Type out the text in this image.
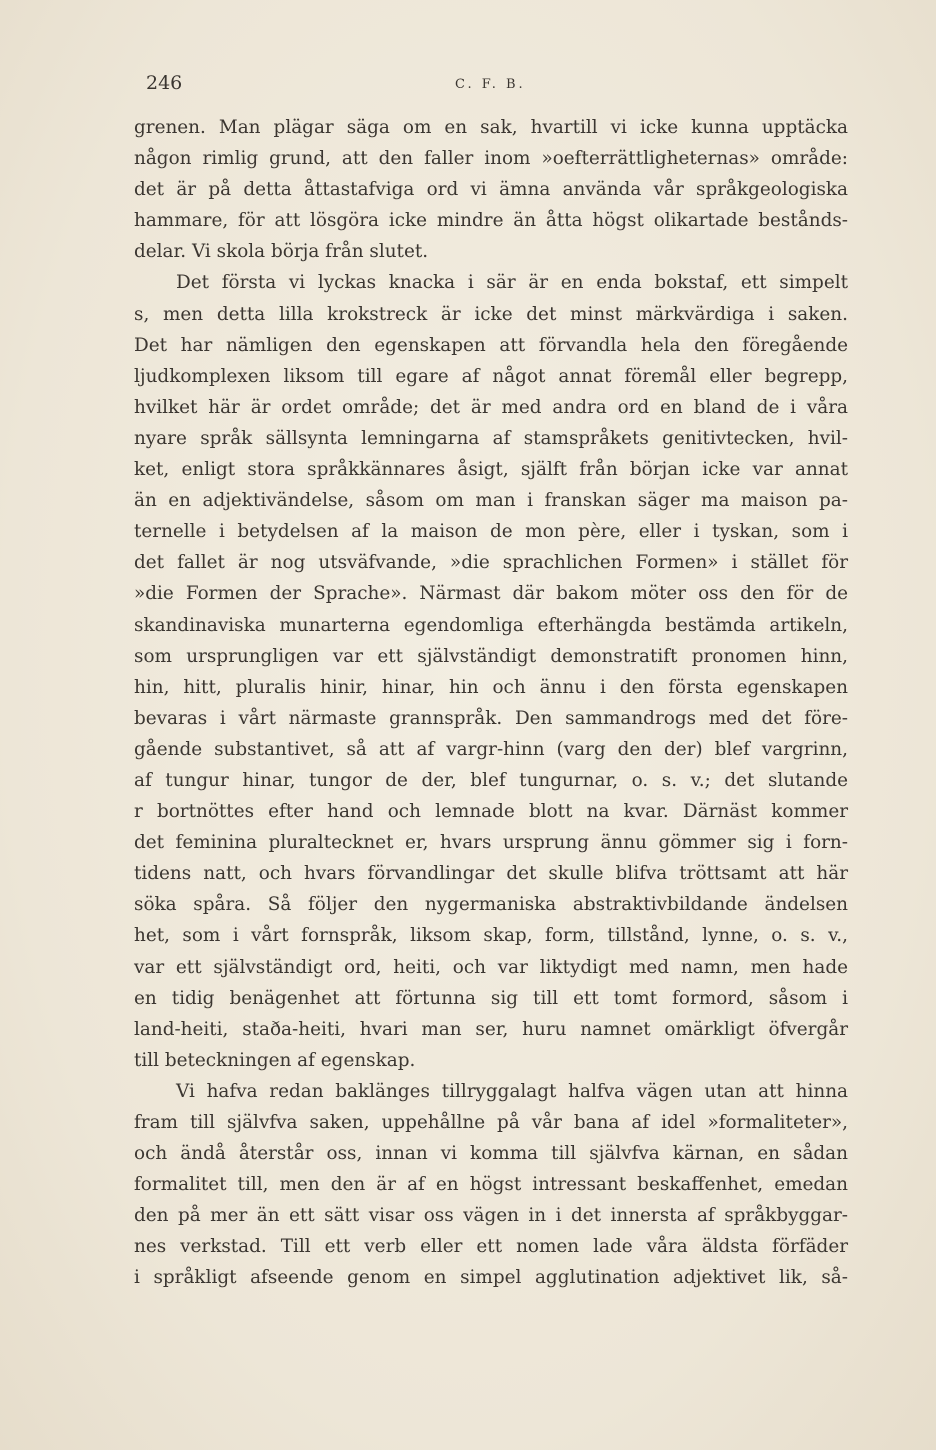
246	C. F. B.
grenen. Man plägar säga om en sak, hvartill vi icke kunna upptäcka
någon rimlig grund, att den faller inom »oefterrättligheternas» område:
det är på detta åttastafviga ord vi ämna använda vår språkgeologiska
hammare, för att lösgöra icke mindre än åtta högst olikartade bestånds-
delar. Vi skola börja från slutet.
Det första vi lyckas knacka i sär är en enda bokstaf, ett simpelt
s, men detta lilla krokstreck är icke det minst märkvärdiga i saken.
Det har nämligen den egenskapen att förvandla hela den föregående
ljudkomplexen liksom till egare af något annat föremål eller begrepp,
hvilket här är ordet område; det är med andra ord en bland de i våra
nyare språk sällsynta lemningarna af stamspråkets genitivtecken, hvil-
ket, enligt stora språkkännares åsigt, själft från början icke var annat
än en adjektivändelse, såsom om man i franskan säger ma maison pa-
ternelle i betydelsen af la maison de mon père, eller i tyskan, som i
det fallet är nog utsväfvande, »die sprachlichen Formen» i stället för
»die Formen der Sprache». Närmast där bakom möter oss den för de
skandinaviska munarterna egendomliga efterhängda bestämda artikeln,
som ursprungligen var ett självständigt demonstratift pronomen hinn,
hin, hitt, pluralis hinir, hinar, hin och ännu i den första egenskapen
bevaras i vårt närmaste grannspråk. Den sammandrogs med det före-
gående substantivet, så att af vargr-hinn (varg den der) blef vargrinn,
af tungur hinar, tungor de der, blef tungurnar, o. s. v.; det slutande
r bortnöttes efter hand och lemnade blott na kvar. Därnäst kommer
det feminina pluraltecknet er, hvars ursprung ännu gömmer sig i forn-
tidens natt, och hvars förvandlingar det skulle blifva tröttsamt att här
söka spåra. Så följer den nygermaniska abstraktivbildande ändelsen
het, som i vårt fornspråk, liksom skap, form, tillstånd, lynne, o. s. v.,
var ett självständigt ord, heiti, och var liktydigt med namn, men hade
en tidig benägenhet att förtunna sig till ett tomt formord, såsom i
land-heiti, staða-heiti, hvari man ser, huru namnet omärkligt öfvergår
till beteckningen af egenskap.
Vi hafva redan baklänges tillryggalagt halfva vägen utan att hinna
fram till självfva saken, uppehållne på vår bana af idel »formaliteter»,
och ändå återstår oss, innan vi komma till självfva kärnan, en sådan
formalitet till, men den är af en högst intressant beskaffenhet, emedan
den på mer än ett sätt visar oss vägen in i det innersta af språkbyggar-
nes verkstad. Till ett verb eller ett nomen lade våra äldsta förfäder
i språkligt afseende genom en simpel agglutination adjektivet lik, så-
